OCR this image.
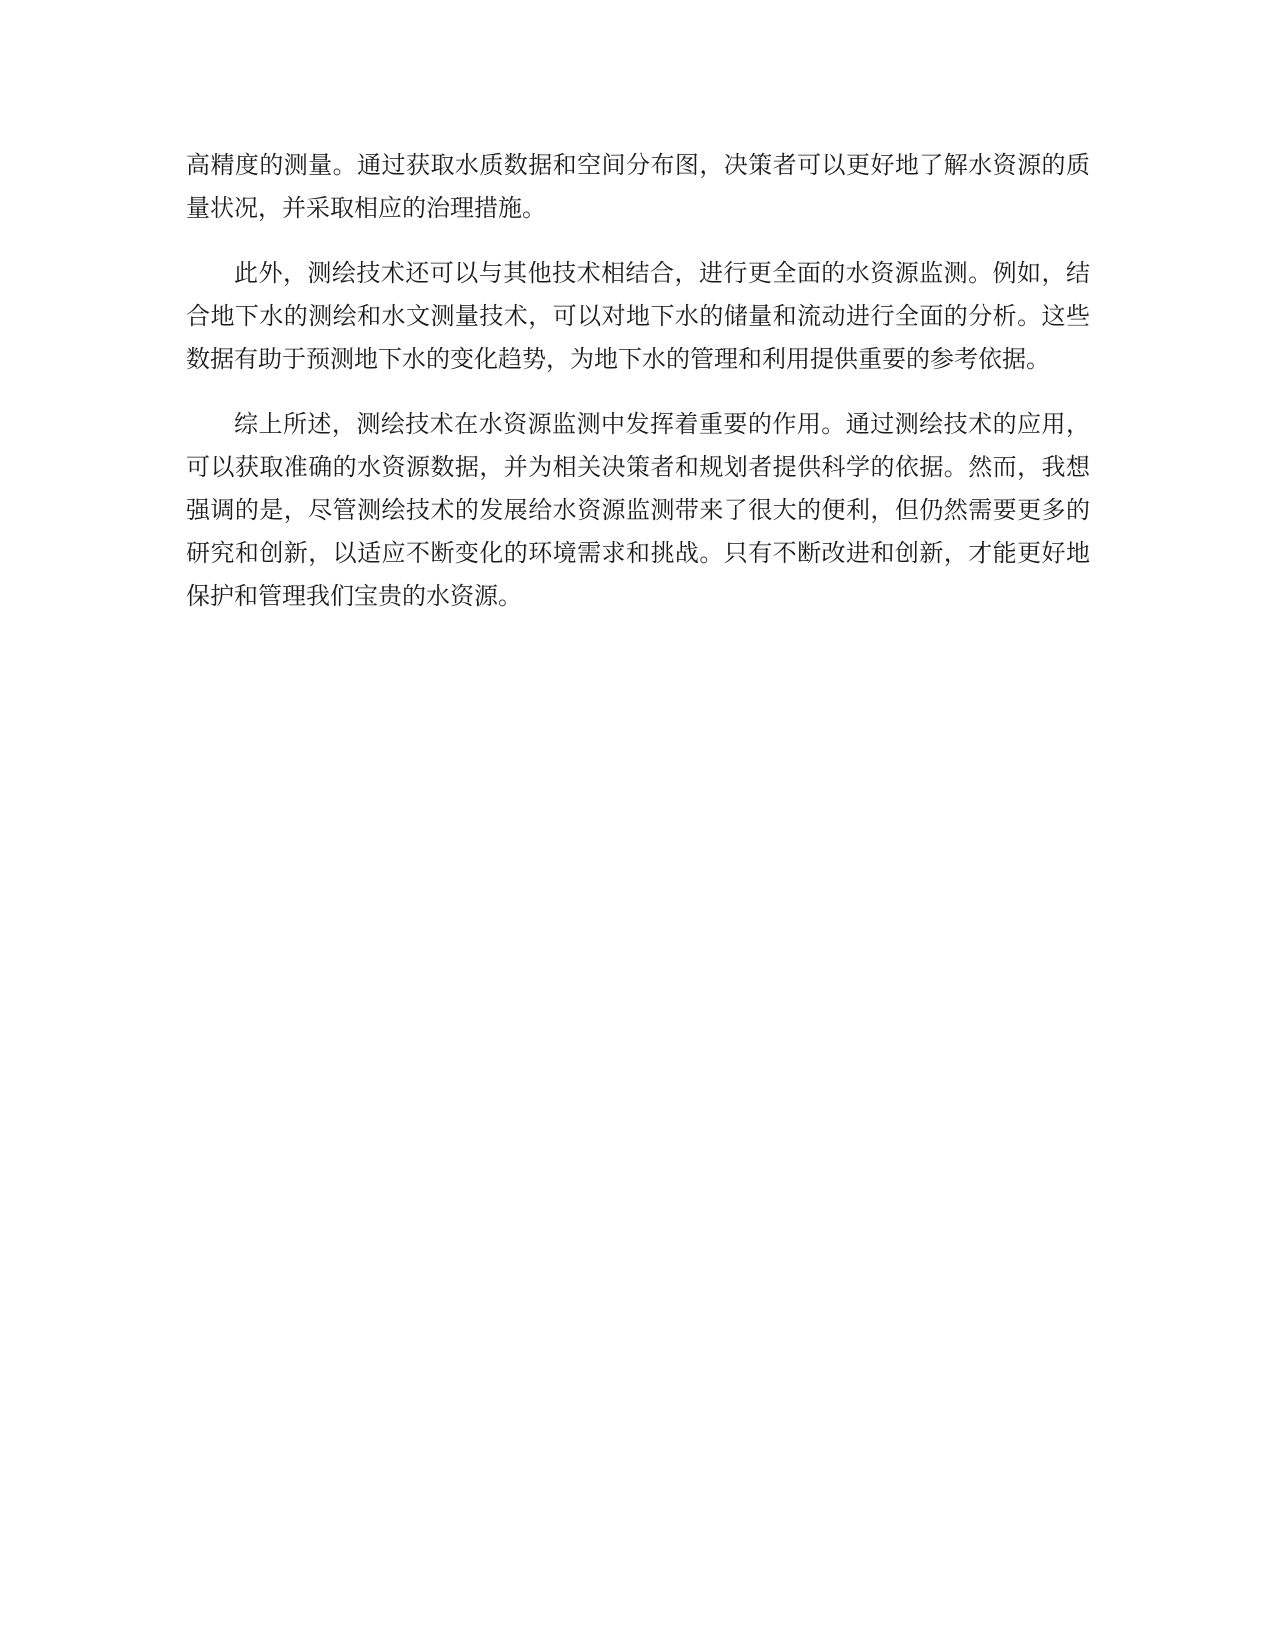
高精度的测量。通过获取水质数据和空间分布图，决策者可以更好地了解水资源的质量状况，并采取相应的治理措施。

此外，测绘技术还可以与其他技术相结合，进行更全面的水资源监测。例如，结合地下水的测绘和水文测量技术，可以对地下水的储量和流动进行全面的分析。这些数据有助于预测地下水的变化趋势，为地下水的管理和利用提供重要的参考依据。

综上所述，测绘技术在水资源监测中发挥着重要的作用。通过测绘技术的应用，可以获取准确的水资源数据，并为相关决策者和规划者提供科学的依据。然而，我想强调的是，尽管测绘技术的发展给水资源监测带来了很大的便利，但仍然需要更多的研究和创新，以适应不断变化的环境需求和挑战。只有不断改进和创新，才能更好地保护和管理我们宝贵的水资源。
